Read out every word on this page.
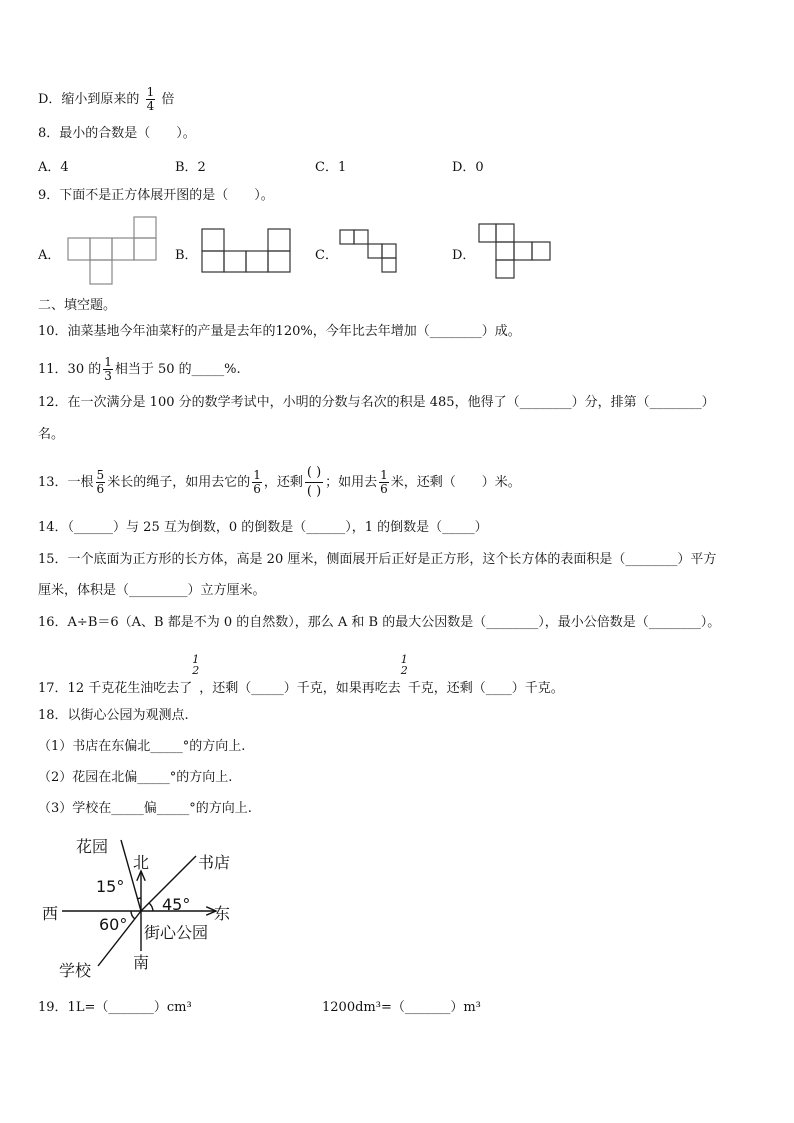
D．缩小到原来的 $\frac{1}{4}$ 倍
8．最小的合数是（　　）。
A．4	B．2	C．1	D．0
9．下面不是正方体展开图的是（　　）。
A．	B．	C．	D．
二、填空题。
10．油菜基地今年油菜籽的产量是去年的120%，今年比去年增加（________）成。
11．30 的 $\frac{1}{3}$ 相当于 50 的_____%.
12．在一次满分是 100 分的数学考试中，小明的分数与名次的积是 485，他得了（________）分，排第（________）
名。
13．一根 $\frac{5}{6}$ 米长的绳子，如用去它的 $\frac{1}{6}$ ，还剩 $\frac{( )}{( )}$ ；如用去 $\frac{1}{6}$ 米，还剩（　　）米。
14．（______）与 25 互为倒数，0 的倒数是（______），1 的倒数是（_____）
15．一个底面为正方形的长方体，高是 20 厘米，侧面展开后正好是正方形，这个长方体的表面积是（________）平方
厘米，体积是（_________）立方厘米。
16．A÷B＝6（A、B 都是不为 0 的自然数），那么 A 和 B 的最大公因数是（________），最小公倍数是（________）。
17．12 千克花生油吃去了1
2
，还剩（_____）千克，如果再吃去1
2
千克，还剩（____）千克。
18．以街心公园为观测点.
（1）书店在东偏北_____°的方向上.
（2）花园在北偏_____°的方向上.
（3）学校在_____偏_____°的方向上.
花园
北	书店
15°
45°
西	东
60° 街心公园
学校	南
19．1L=（_______）cm³	1200dm³=（_______）m³
